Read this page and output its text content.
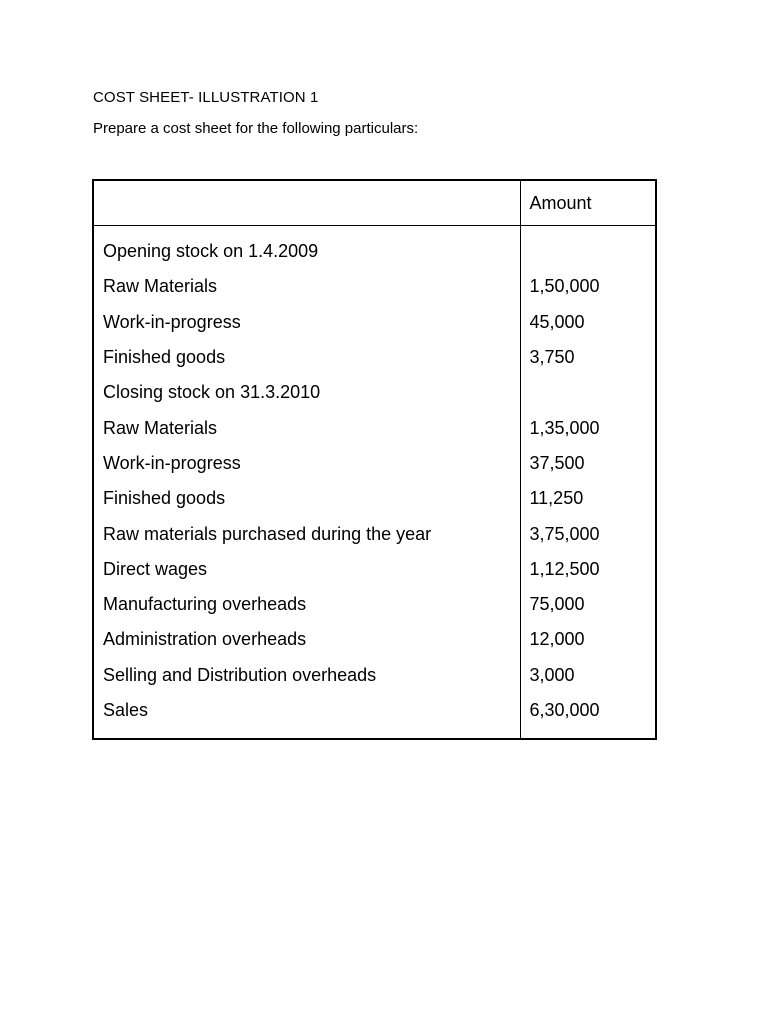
COST SHEET- ILLUSTRATION 1
Prepare a cost sheet for the following particulars:
	Amount
Opening stock on 1.4.2009	
Raw Materials	1,50,000
Work-in-progress	45,000
Finished goods	3,750
Closing stock on 31.3.2010	
Raw Materials	1,35,000
Work-in-progress	37,500
Finished goods	11,250
Raw materials purchased during the year	3,75,000
Direct wages	1,12,500
Manufacturing overheads	75,000
Administration overheads	12,000
Selling and Distribution overheads	3,000
Sales	6,30,000
